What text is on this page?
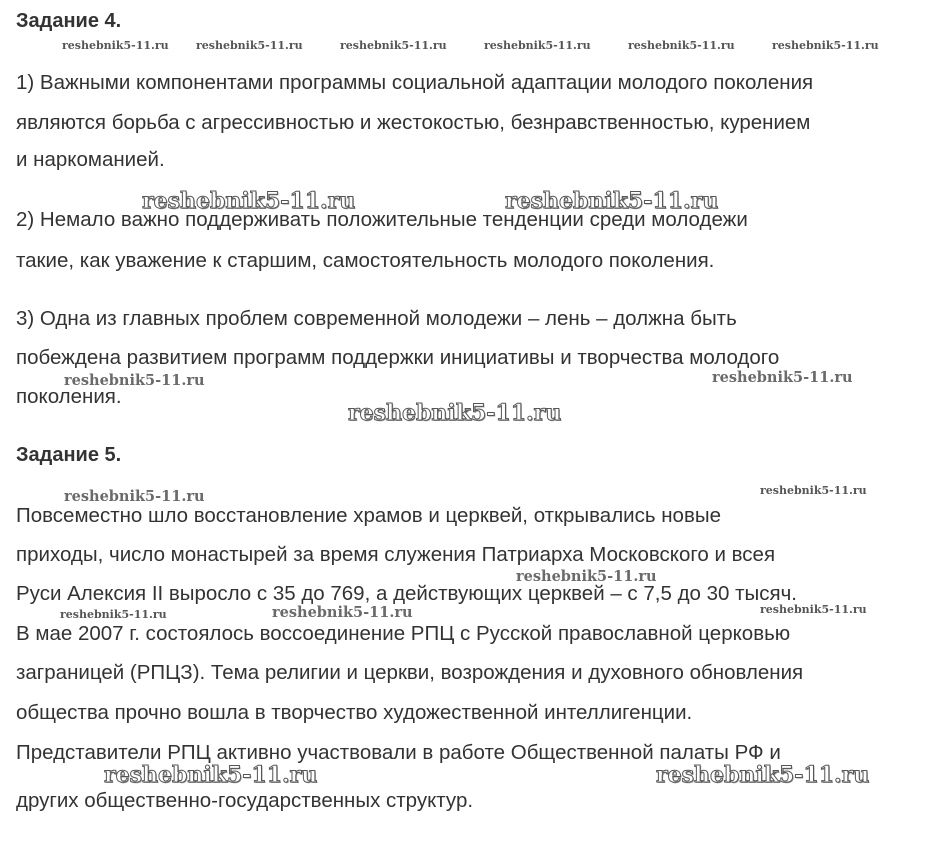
Задание 4.
reshebnik5-11.ru reshebnik5-11.ru	reshebnik5-11.ru	reshebnik5-11.ru	reshebnik5-11.ru	reshebnik5-11.ru

1) Важными компонентами программы социальной адаптации молодого поколения

являются борьба с агрессивностью и жестокостью, безнравственностью, курением

и наркоманией.

reshebnik5-11.ru	reshebnik5-11.ru

2) Немало важно поддерживать положительные тенденции среди молодежи

такие, как уважение к старшим, самостоятельность молодого поколения.

3) Одна из главных проблем современной молодежи – лень – должна быть

побеждена развитием программ поддержки инициативы и творчества молодого

reshebnik5-11.ru	reshebnik5-11.ru

поколения.

reshebnik5-11.ru
Задание 5.
reshebnik5-11.ru	reshebnik5-11.ru

Повсеместно шло восстановление храмов и церквей, открывались новые

приходы, число монастырей за время служения Патриарха Московского и всея

reshebnik5-11.ru

Руси Алексия II выросло с 35 до 769, а действующих церквей – с 7,5 до 30 тысяч.

reshebnik5-11.ru	reshebnik5-11.ru	reshebnik5-11.ru

В мае 2007 г. состоялось воссоединение РПЦ с Русской православной церковью

заграницей (РПЦЗ). Тема религии и церкви, возрождения и духовного обновления

общества прочно вошла в творчество художественной интеллигенции.

Представители РПЦ активно участвовали в работе Общественной палаты РФ и

reshebnik5-11.ru	reshebnik5-11.ru

других общественно-государственных структур.
